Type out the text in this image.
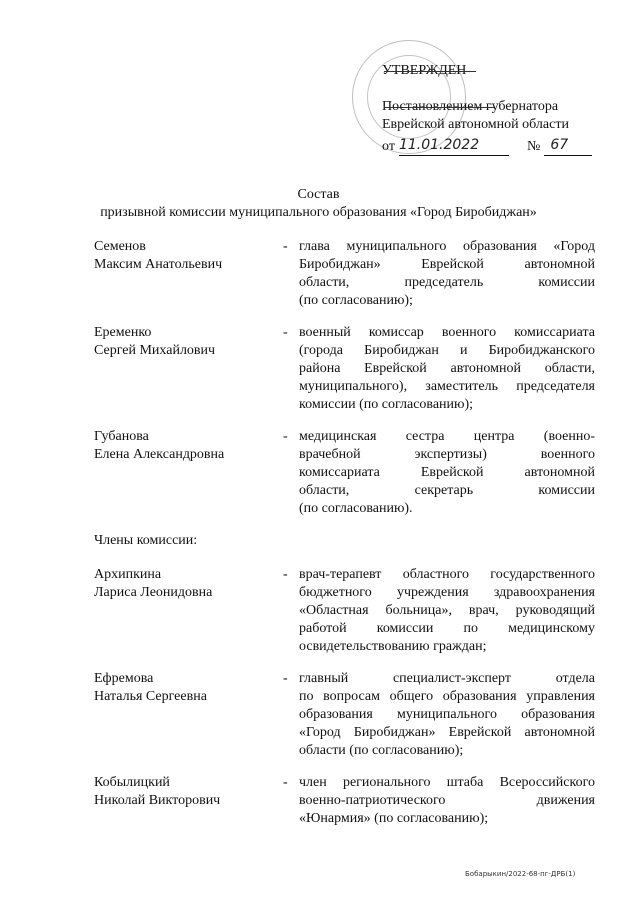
УТВЕРЖДЕН
Постановлением губернатора
Еврейской автономной области
от 11.01.2022	№ 67
Состав
призывной комиссии муниципального образования «Город Биробиджан»
Семенов
Максим Анатольевич
- глава муниципального образования «Город
Биробиджан» Еврейской автономной
области, председатель комиссии
(по согласованию);
Еременко
Сергей Михайлович
- военный комиссар военного комиссариата
(города Биробиджан и Биробиджанского
района Еврейской автономной области,
муниципального), заместитель председателя
комиссии (по согласованию);
Губанова
Елена Александровна
- медицинская сестра центра (военно-
врачебной экспертизы) военного
комиссариата Еврейской автономной
области, секретарь комиссии
(по согласованию).
Члены комиссии:
Архипкина
Лариса Леонидовна
- врач-терапевт областного государственного
бюджетного учреждения здравоохранения
«Областная больница», врач, руководящий
работой комиссии по медицинскому
освидетельствованию граждан;
Ефремова
Наталья Сергеевна
- главный специалист-эксперт отдела
по вопросам общего образования управления
образования муниципального образования
«Город Биробиджан» Еврейской автономной
области (по согласованию);
Кобылицкий
Николай Викторович
- член регионального штаба Всероссийского
военно-патриотического движения
«Юнармия» (по согласованию);
Бобарыкин/2022-68-пг-ДРБ(1)
